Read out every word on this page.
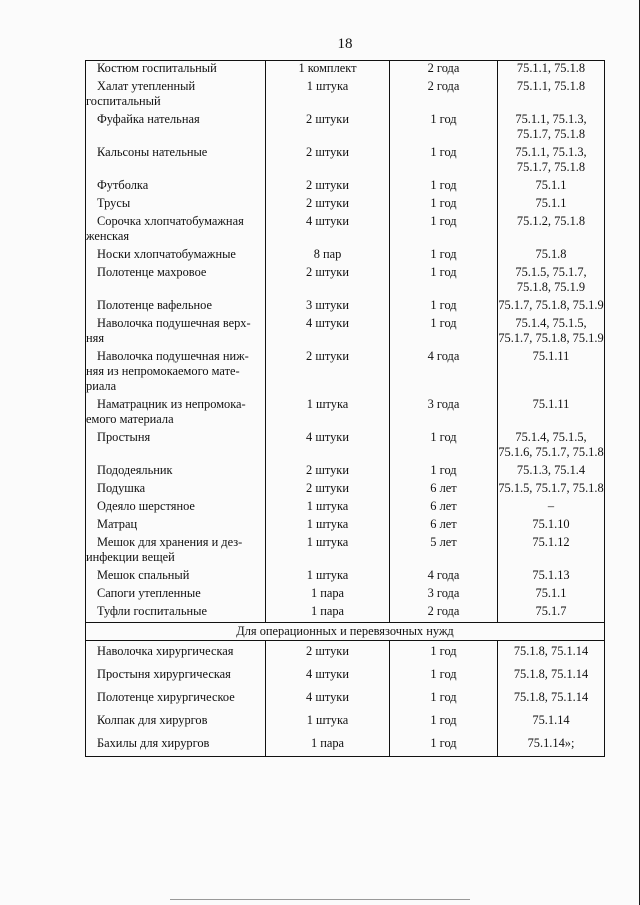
18
Костюм госпитальный	1 комплект	2 года	75.1.1, 75.1.8

Халат утепленный госпитальный	1 штука	2 года	75.1.1, 75.1.8

Фуфайка нательная	2 штуки	1 год	75.1.1, 75.1.3, 75.1.7, 75.1.8

Кальсоны нательные	2 штуки	1 год	75.1.1, 75.1.3, 75.1.7, 75.1.8

Футболка	2 штуки	1 год	75.1.1

Трусы	2 штуки	1 год	75.1.1

Сорочка хлопчатобумажная женская	4 штуки	1 год	75.1.2, 75.1.8

Носки хлопчатобумажные	8 пар	1 год	75.1.8

Полотенце махровое	2 штуки	1 год	75.1.5, 75.1.7, 75.1.8, 75.1.9

Полотенце вафельное	3 штуки	1 год	75.1.7, 75.1.8, 75.1.9

Наволочка подушечная верх-няя	4 штуки	1 год	75.1.4, 75.1.5, 75.1.7, 75.1.8, 75.1.9

Наволочка подушечная ниж-няя из непромокаемого мате-риала	2 штуки	4 года	75.1.11

Наматрацник из непромока-емого материала	1 штука	3 года	75.1.11

Простыня	4 штуки	1 год	75.1.4, 75.1.5, 75.1.6, 75.1.7, 75.1.8

Пододеяльник	2 штуки	1 год	75.1.3, 75.1.4

Подушка	2 штуки	6 лет	75.1.5, 75.1.7, 75.1.8

Одеяло шерстяное	1 штука	6 лет	–

Матрац	1 штука	6 лет	75.1.10

Мешок для хранения и дез-инфекции вещей	1 штука	5 лет	75.1.12

Мешок спальный	1 штука	4 года	75.1.13

Сапоги утепленные	1 пара	3 года	75.1.1

Туфли госпитальные	1 пара	2 года	75.1.7
Для операционных и перевязочных нужд			

Наволочка хирургическая	2 штуки	1 год	75.1.8, 75.1.14

Простыня хирургическая	4 штуки	1 год	75.1.8, 75.1.14

Полотенце хирургическое	4 штуки	1 год	75.1.8, 75.1.14

Колпак для хирургов	1 штука	1 год	75.1.14

Бахилы для хирургов	1 пара	1 год	75.1.14»;
